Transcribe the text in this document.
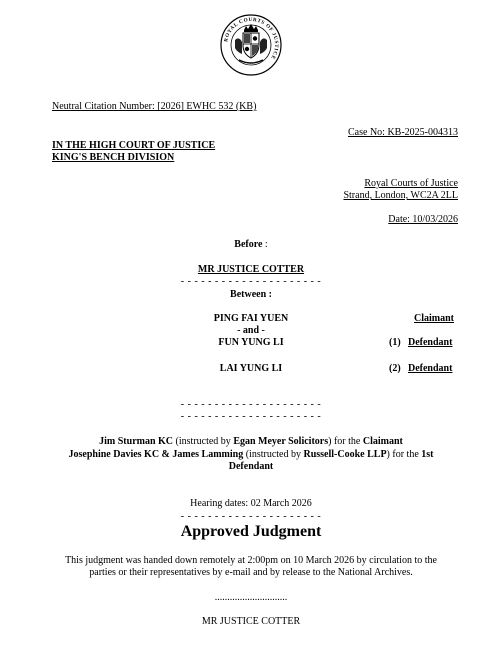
ROYAL COURTS OF JUSTICE
Neutral Citation Number: [2026] EWHC 532 (KB)
Case No: KB-2025-004313
IN THE HIGH COURT OF JUSTICE
KING'S BENCH DIVISION
Royal Courts of Justice
Strand, London, WC2A 2LL
Date: 10/03/2026
Before :
MR JUSTICE COTTER
- - - - - - - - - - - - - - - - - - - - -
Between :
PING FAI YUEN	Claimant
- and -
FUN YUNG LI	(1) Defendant
LAI YUNG LI	(2) Defendant
- - - - - - - - - - - - - - - - - - - - -
- - - - - - - - - - - - - - - - - - - - -
Jim Sturman KC (instructed by Egan Meyer Solicitors) for the Claimant
Josephine Davies KC & James Lamming (instructed by Russell-Cooke LLP) for the 1st
Defendant
Hearing dates: 02 March 2026
- - - - - - - - - - - - - - - - - - - - -
Approved Judgment
This judgment was handed down remotely at 2:00pm on 10 March 2026 by circulation to the
parties or their representatives by e-mail and by release to the National Archives.
.............................
MR JUSTICE COTTER
